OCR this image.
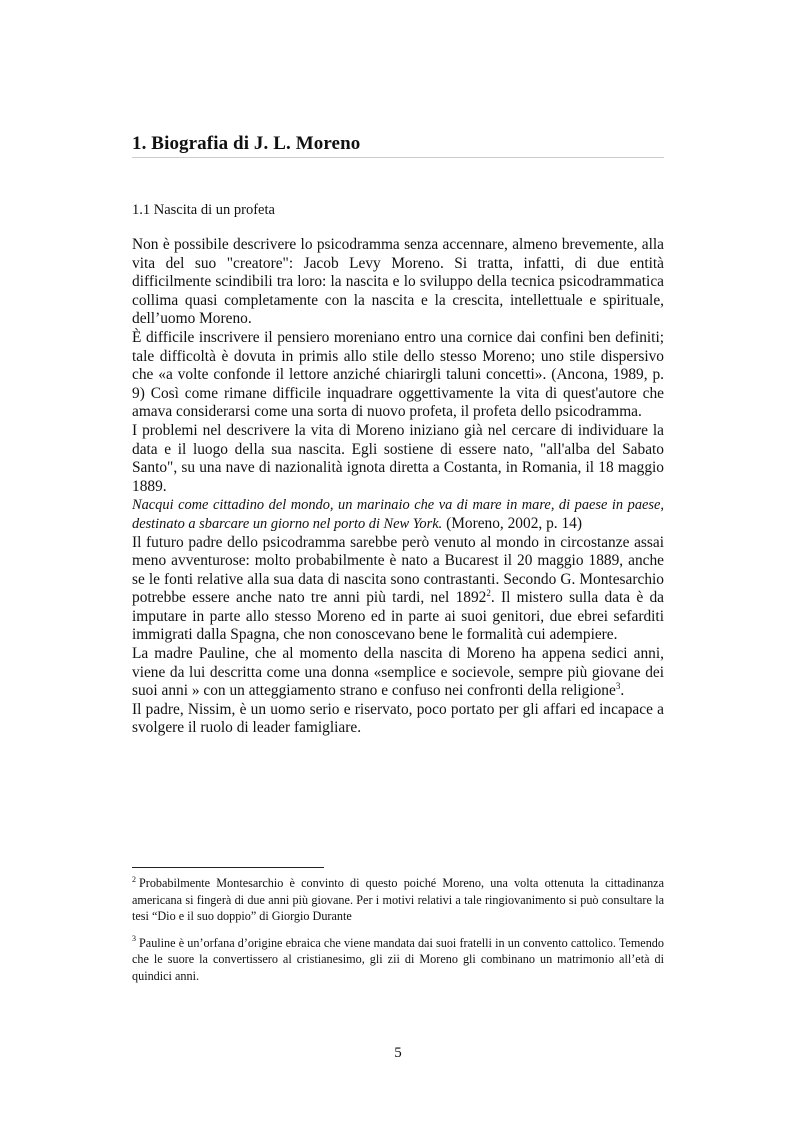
1. Biografia di J. L. Moreno
1.1 Nascita di un profeta

Non è possibile descrivere lo psicodramma senza accennare, almeno brevemente, alla vita del suo "creatore": Jacob Levy Moreno. Si tratta, infatti, di due entità difficilmente scindibili tra loro: la nascita e lo sviluppo della tecnica psicodrammatica collima quasi completamente con la nascita e la crescita, intellettuale e spirituale, dell’uomo Moreno.

È difficile inscrivere il pensiero moreniano entro una cornice dai confini ben definiti; tale difficoltà è dovuta in primis allo stile dello stesso Moreno; uno stile dispersivo che «a volte confonde il lettore anziché chiarirgli taluni concetti». (Ancona, 1989, p. 9) Così come rimane difficile inquadrare oggettivamente la vita di quest'autore che amava considerarsi come una sorta di nuovo profeta, il profeta dello psicodramma.

I problemi nel descrivere la vita di Moreno iniziano già nel cercare di individuare la data e il luogo della sua nascita. Egli sostiene di essere nato, "all'alba del Sabato Santo", su una nave di nazionalità ignota diretta a Costanta, in Romania, il 18 maggio 1889.

Nacqui come cittadino del mondo, un marinaio che va di mare in mare, di paese in paese, destinato a sbarcare un giorno nel porto di New York. (Moreno, 2002, p. 14)

Il futuro padre dello psicodramma sarebbe però venuto al mondo in circostanze assai meno avventurose: molto probabilmente è nato a Bucarest il 20 maggio 1889, anche se le fonti relative alla sua data di nascita sono contrastanti. Secondo G. Montesarchio potrebbe essere anche nato tre anni più tardi, nel 1892$^2$. Il mistero sulla data è da imputare in parte allo stesso Moreno ed in parte ai suoi genitori, due ebrei sefarditi immigrati dalla Spagna, che non conoscevano bene le formalità cui adempiere.

La madre Pauline, che al momento della nascita di Moreno ha appena sedici anni, viene da lui descritta come una donna «semplice e socievole, sempre più giovane dei suoi anni » con un atteggiamento strano e confuso nei confronti della religione$^3$.

Il padre, Nissim, è un uomo serio e riservato, poco portato per gli affari ed incapace a svolgere il ruolo di leader famigliare.

$^2$ Probabilmente Montesarchio è convinto di questo poiché Moreno, una volta ottenuta la cittadinanza americana si fingerà di due anni più giovane. Per i motivi relativi a tale ringiovanimento si può consultare la tesi “Dio e il suo doppio” di Giorgio Durante

$^3$ Pauline è un’orfana d’origine ebraica che viene mandata dai suoi fratelli in un convento cattolico. Temendo che le suore la convertissero al cristianesimo, gli zii di Moreno gli combinano un matrimonio all’età di quindici anni.

5
